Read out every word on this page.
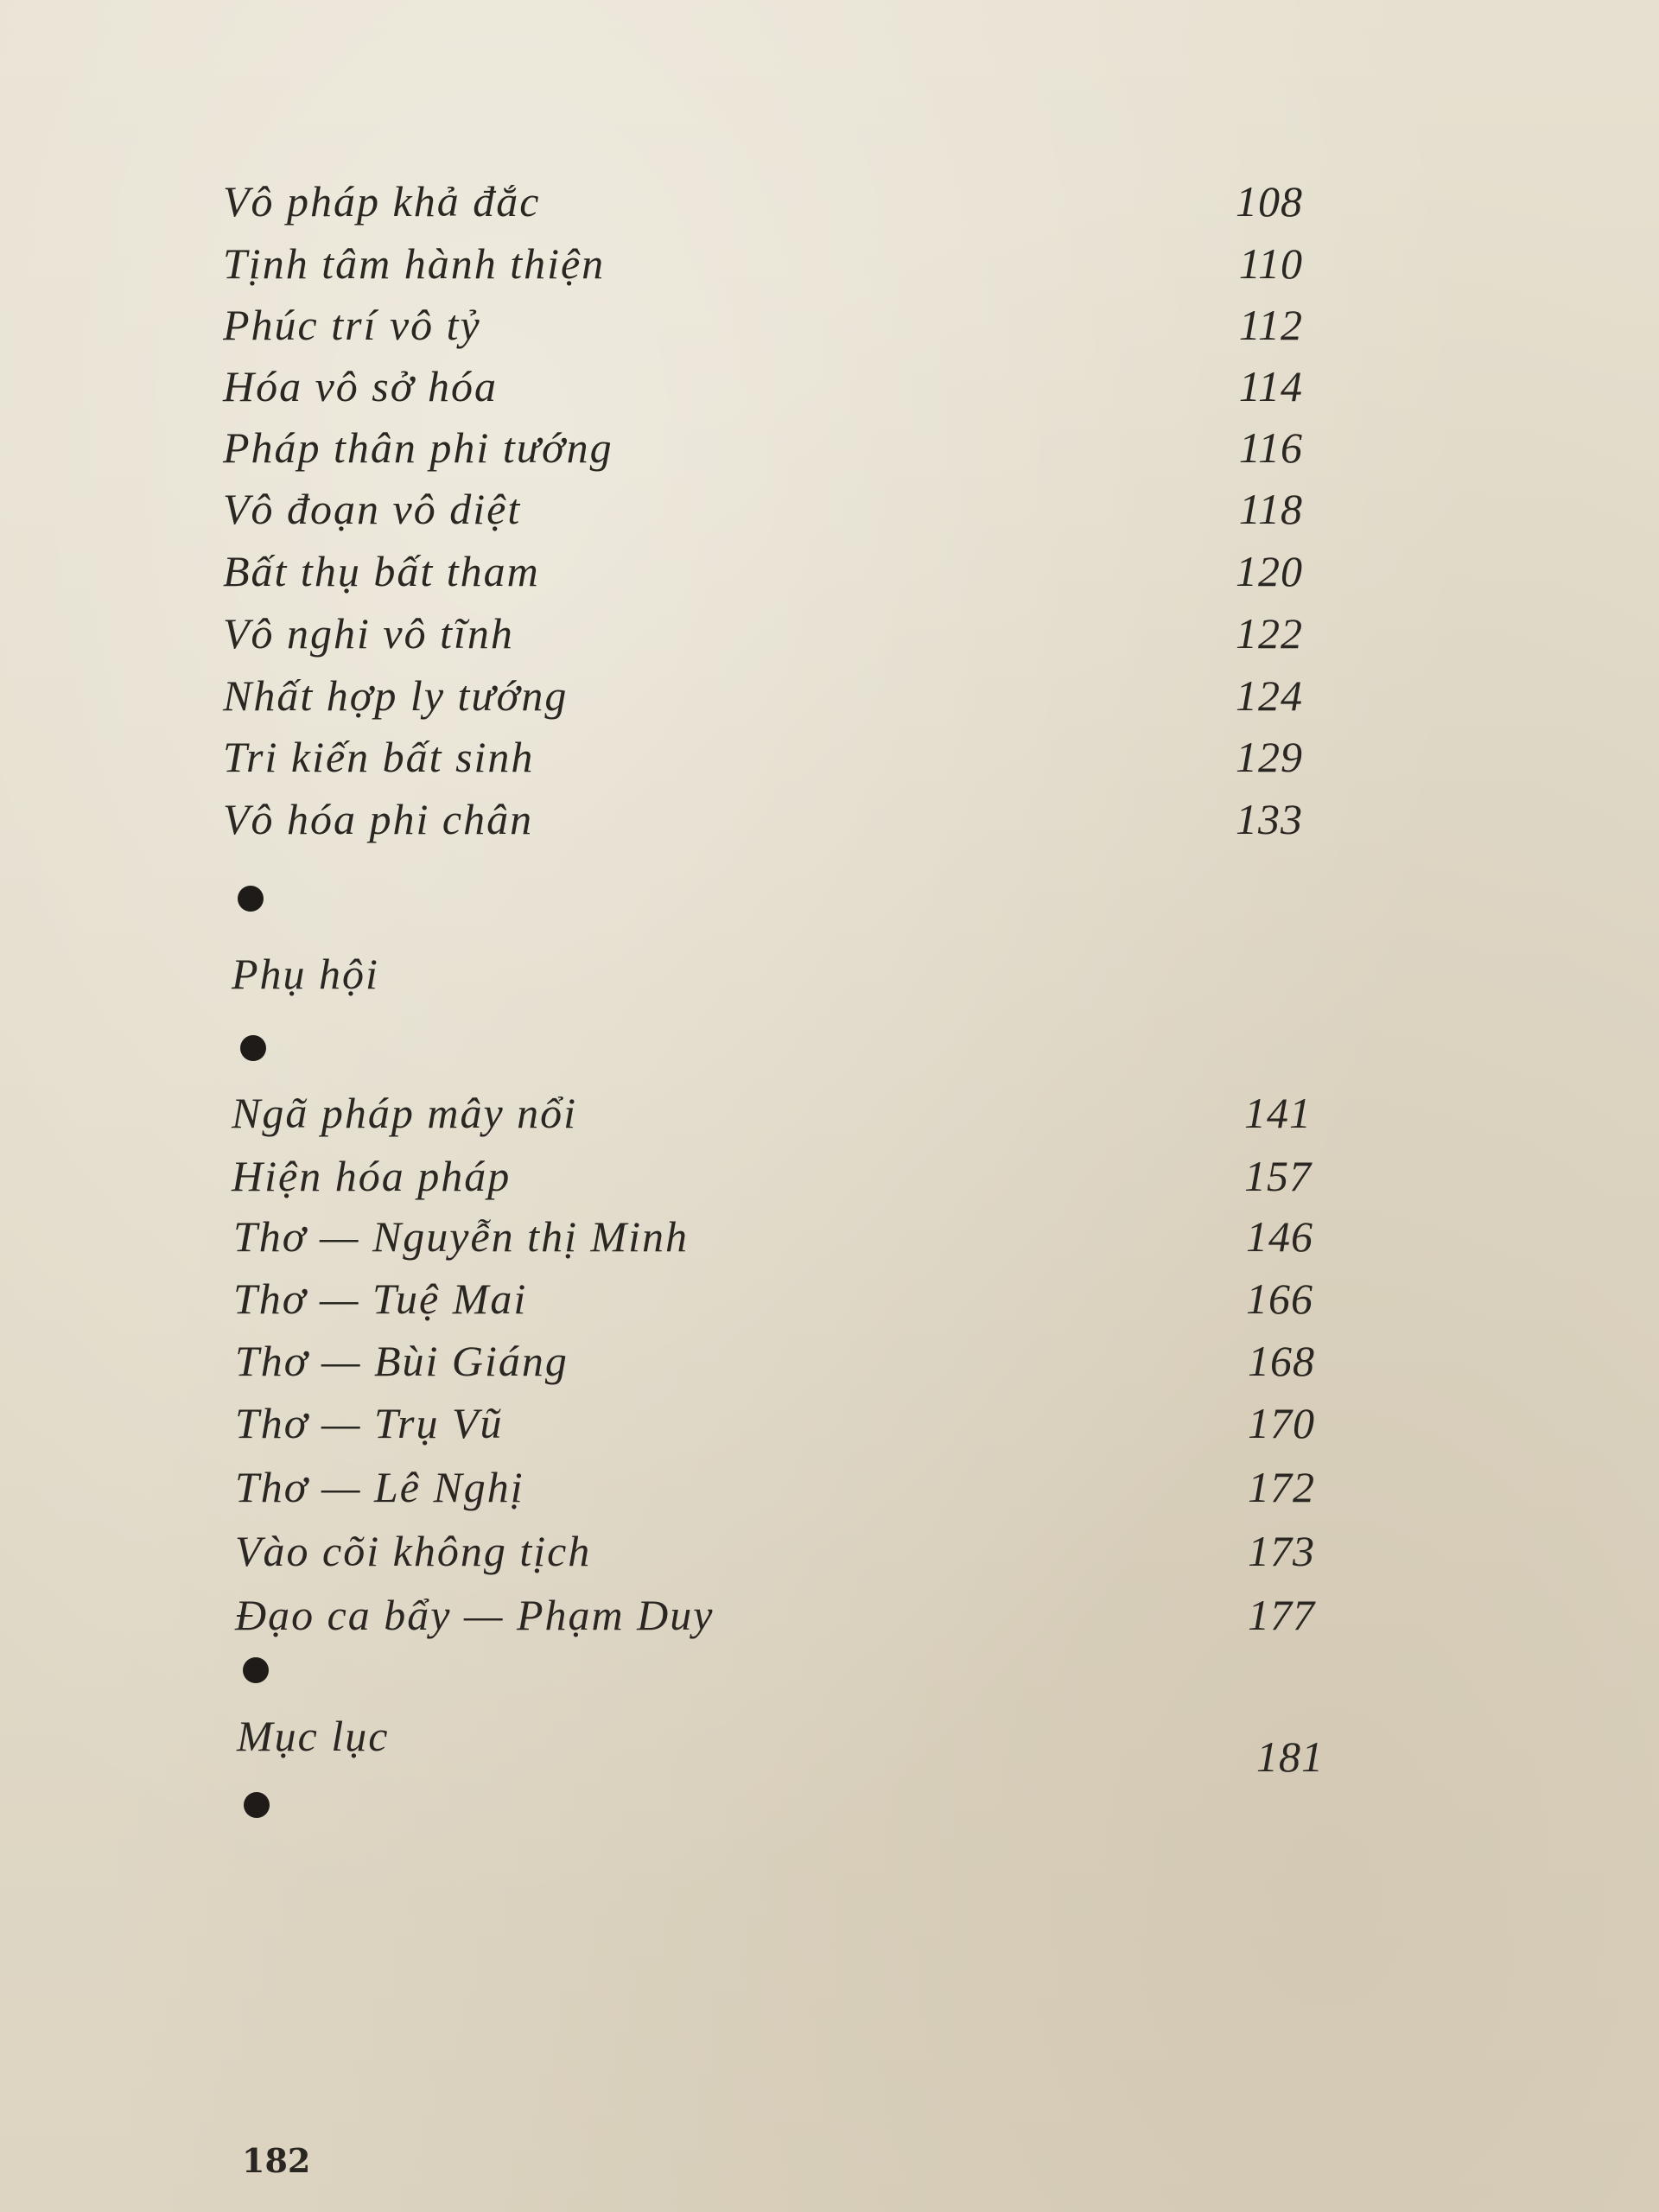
Vô pháp khả đắc	108
Tịnh tâm hành thiện	110
Phúc trí vô tỷ	112
Hóa vô sở hóa	114
Pháp thân phi tướng	116
Vô đoạn vô diệt	118
Bất thụ bất tham	120
Vô nghi vô tĩnh	122
Nhất hợp ly tướng	124
Tri kiến bất sinh	129
Vô hóa phi chân	133
Phụ hội
Ngã pháp mây nổi	141
Hiện hóa pháp	157
Thơ — Nguyễn thị Minh	146
Thơ — Tuệ Mai	166
Thơ — Bùi Giáng	168
Thơ — Trụ Vũ	170
Thơ — Lê Nghị	172
Vào cõi không tịch	173
Đạo ca bẩy — Phạm Duy	177
Mục lục	181
182
